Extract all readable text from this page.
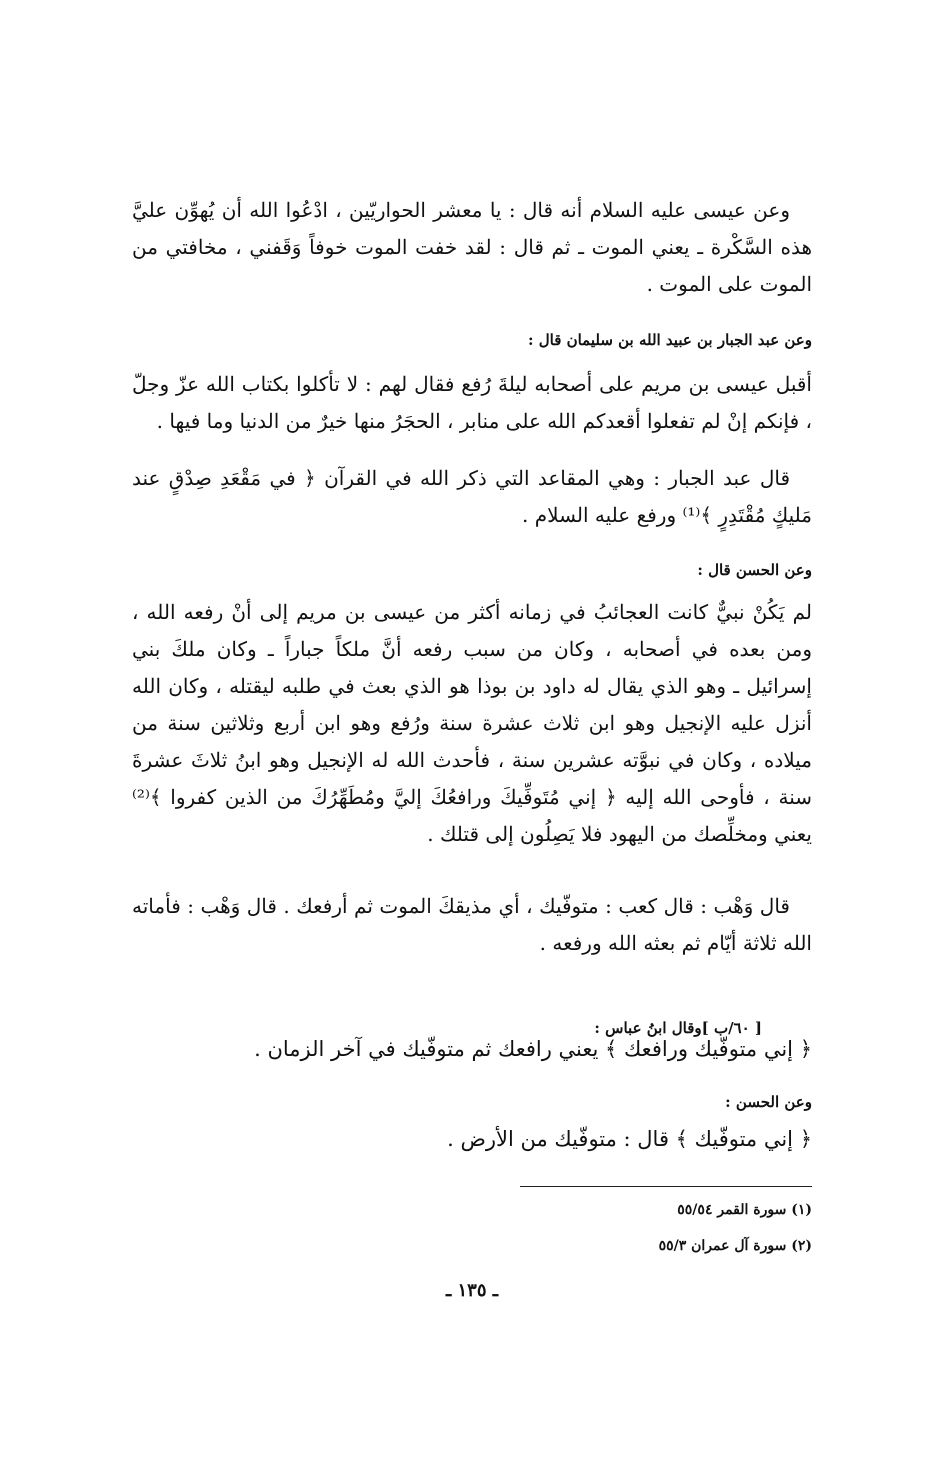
وعن عيسى عليه السلام أنه قال : يا معشر الحواريّين ، ادْعُوا الله أن يُهوِّن عليَّ هذه السَّكْرة ـ يعني الموت ـ ثم قال : لقد خفت الموت خوفاً وَقَفني ، مخافتي من الموت على الموت .
وعن عبد الجبار بن عبيد الله بن سليمان قال :
أقبل عيسى بن مريم على أصحابه ليلةَ رُفع فقال لهم : لا تأكلوا بكتاب الله عزّ وجلّ ، فإنكم إنْ لم تفعلوا أقعدكم الله على منابر ، الحجَرُ منها خيرٌ من الدنيا وما فيها .
قال عبد الجبار : وهي المقاعد التي ذكر الله في القرآن ﴿ في مَقْعَدِ صِدْقٍ عند مَليكٍ مُقْتَدِرٍ ﴾⁽¹⁾ ورفع عليه السلام .
وعن الحسن قال :
لم يَكُنْ نبيٌّ كانت العجائبُ في زمانه أكثر من عيسى بن مريم إلى أنْ رفعه الله ، ومن بعده في أصحابه ، وكان من سبب رفعه أنَّ ملكاً جباراً ـ وكان ملكَ بني إسرائيل ـ وهو الذي يقال له داود بن بوذا هو الذي بعث في طلبه ليقتله ، وكان الله أنزل عليه الإنجيل وهو ابن ثلاث عشرة سنة ورُفع وهو ابن أربع وثلاثين سنة من ميلاده ، وكان في نبوَّته عشرين سنة ، فأحدث الله له الإنجيل وهو ابنُ ثلاثَ عشرةَ سنة ، فأوحى الله إليه ﴿ إني مُتَوفِّيكَ ورافعُكَ إليَّ ومُطَهِّرُكَ من الذين كفروا ﴾⁽²⁾ يعني ومخلِّصك من اليهود فلا يَصِلُون إلى قتلك .
قال وَهْب : قال كعب : متوفّيك ، أي مذيقكَ الموت ثم أرفعك . قال وَهْب : فأماته الله ثلاثة أيّام ثم بعثه الله ورفعه .
[ ٦٠/ب ]وقال ابنُ عباس :
﴿ إني متوفّيك ورافعك ﴾ يعني رافعك ثم متوفّيك في آخر الزمان .
وعن الحسن :
﴿ إني متوفّيك ﴾ قال : متوفّيك من الأرض .
(١) سورة القمر ٥٥/٥٤
(٢) سورة آل عمران ٥٥/٣
ـ ١٣٥ ـ
